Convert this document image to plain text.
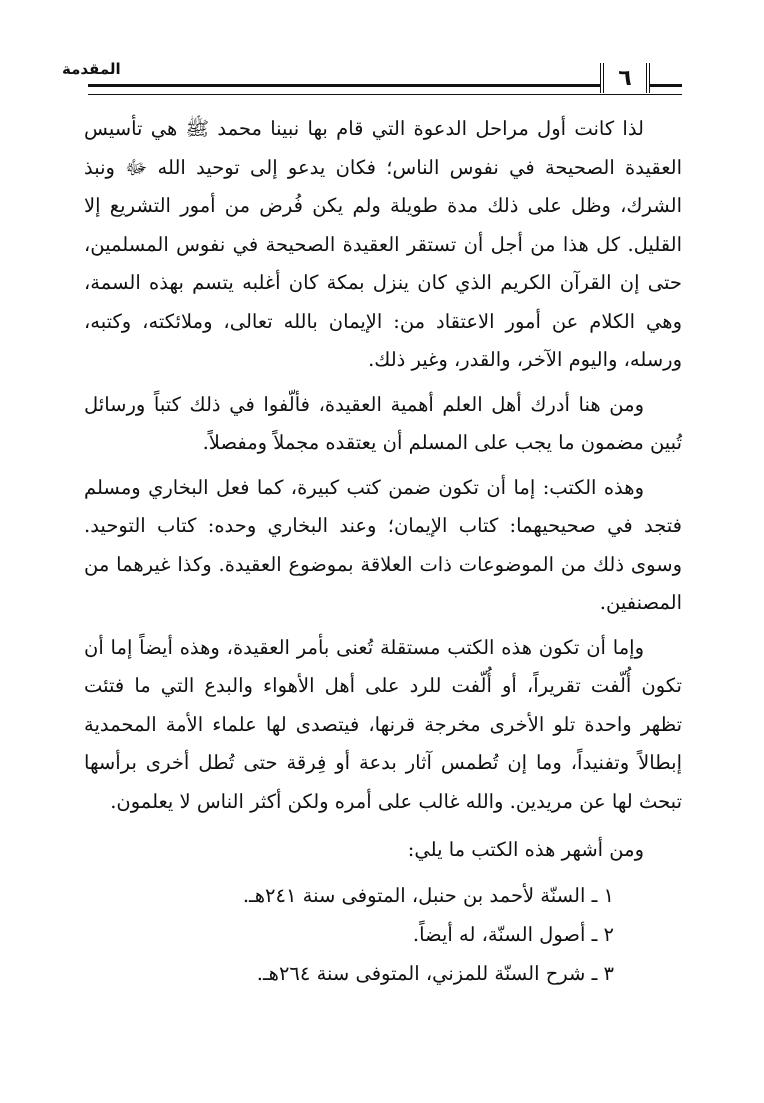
المقدمة	٦

لذا كانت أول مراحل الدعوة التي قام بها نبينا محمد ﷺ هي تأسيس العقيدة الصحيحة في نفوس الناس؛ فكان يدعو إلى توحيد الله ﷻ ونبذ الشرك، وظل على ذلك مدة طويلة ولم يكن فُرض من أمور التشريع إلا القليل. كل هذا من أجل أن تستقر العقيدة الصحيحة في نفوس المسلمين، حتى إن القرآن الكريم الذي كان ينزل بمكة كان أغلبه يتسم بهذه السمة، وهي الكلام عن أمور الاعتقاد من: الإيمان بالله تعالى، وملائكته، وكتبه، ورسله، واليوم الآخر، والقدر، وغير ذلك.

ومن هنا أدرك أهل العلم أهمية العقيدة، فألّفوا في ذلك كتباً ورسائل تُبين مضمون ما يجب على المسلم أن يعتقده مجملاً ومفصلاً.

وهذه الكتب: إما أن تكون ضمن كتب كبيرة، كما فعل البخاري ومسلم فتجد في صحيحيهما: كتاب الإيمان؛ وعند البخاري وحده: كتاب التوحيد. وسوى ذلك من الموضوعات ذات العلاقة بموضوع العقيدة. وكذا غيرهما من المصنفين.

وإما أن تكون هذه الكتب مستقلة تُعنى بأمر العقيدة، وهذه أيضاً إما أن تكون أُلّفت تقريراً، أو أُلّفت للرد على أهل الأهواء والبدع التي ما فتئت تظهر واحدة تلو الأخرى مخرجة قرنها، فيتصدى لها علماء الأمة المحمدية إبطالاً وتفنيداً، وما إن تُطمس آثار بدعة أو فِرقة حتى تُطل أخرى برأسها تبحث لها عن مريدين. والله غالب على أمره ولكن أكثر الناس لا يعلمون.

ومن أشهر هذه الكتب ما يلي:

١ ـ السنّة لأحمد بن حنبل، المتوفى سنة ٢٤١هـ.
٢ ـ أصول السنّة، له أيضاً.
٣ ـ شرح السنّة للمزني، المتوفى سنة ٢٦٤هـ.
